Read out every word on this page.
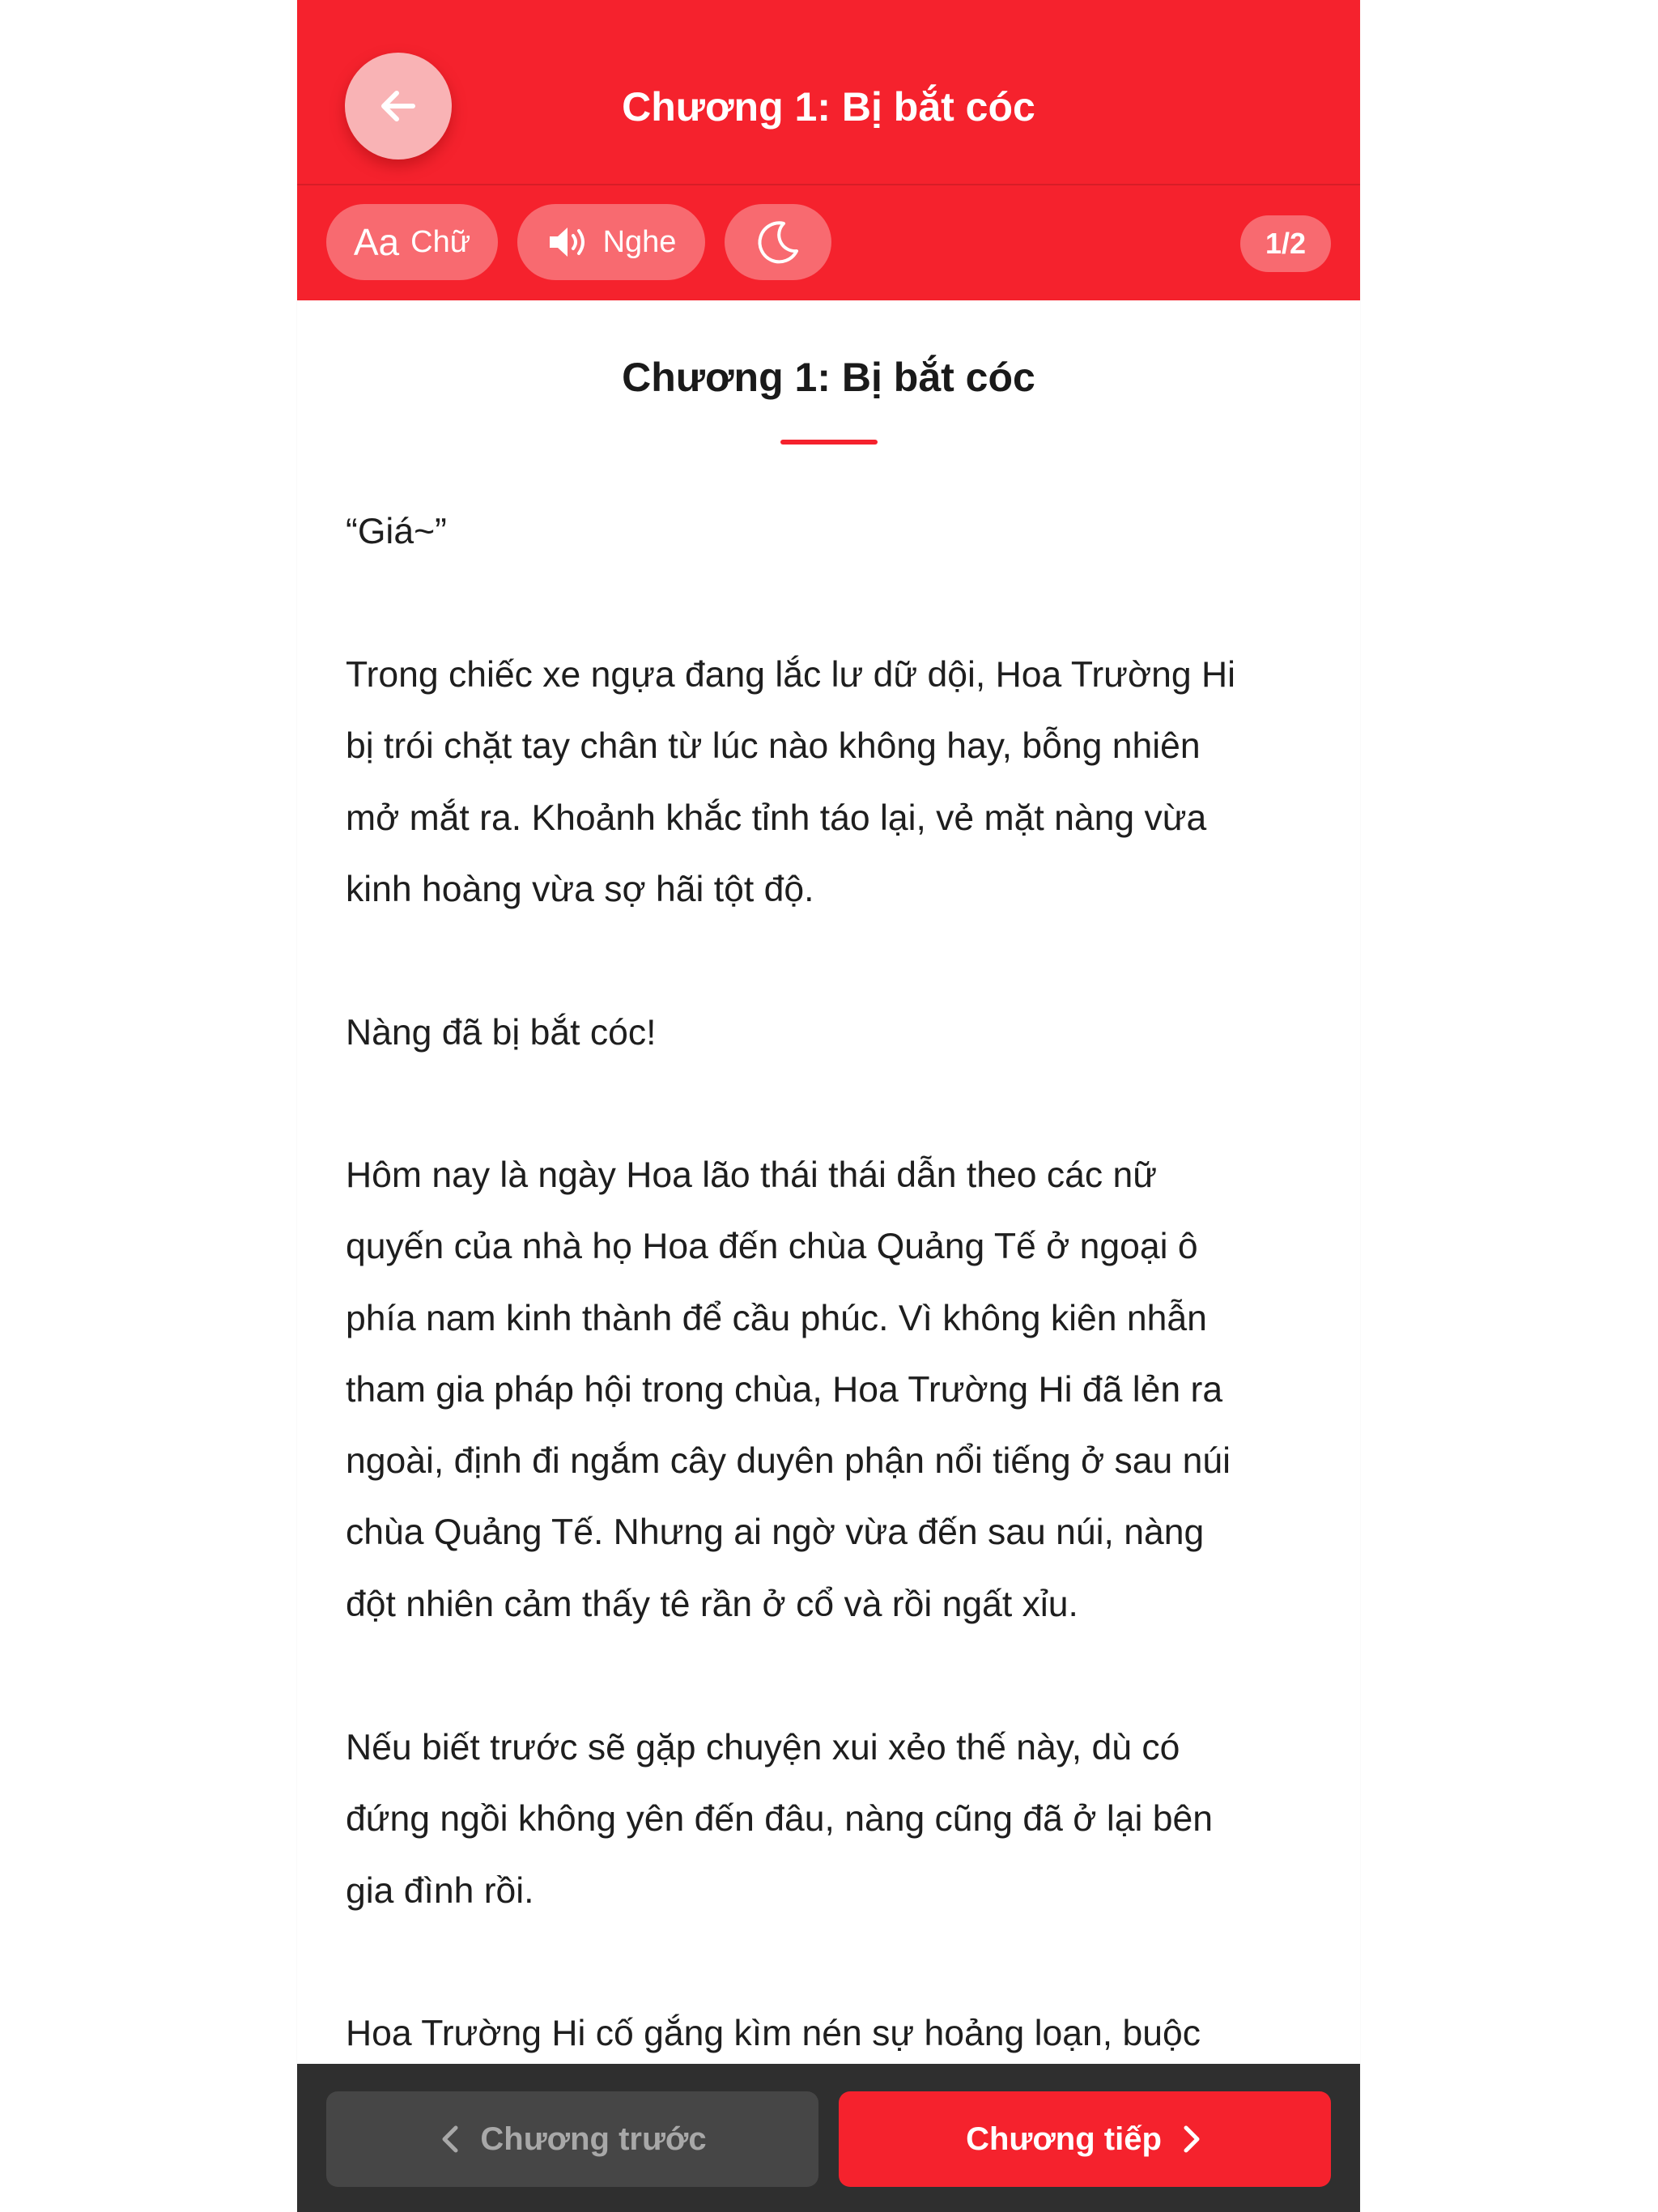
Chương 1: Bị bắt cóc
Aa Chữ	Nghe	1/2
Chương 1: Bị bắt cóc

“Giá~”

Trong chiếc xe ngựa đang lắc lư dữ dội, Hoa Trường Hi
bị trói chặt tay chân từ lúc nào không hay, bỗng nhiên
mở mắt ra. Khoảnh khắc tỉnh táo lại, vẻ mặt nàng vừa
kinh hoàng vừa sợ hãi tột độ.

Nàng đã bị bắt cóc!

Hôm nay là ngày Hoa lão thái thái dẫn theo các nữ
quyến của nhà họ Hoa đến chùa Quảng Tế ở ngoại ô
phía nam kinh thành để cầu phúc. Vì không kiên nhẫn
tham gia pháp hội trong chùa, Hoa Trường Hi đã lẻn ra
ngoài, định đi ngắm cây duyên phận nổi tiếng ở sau núi
chùa Quảng Tế. Nhưng ai ngờ vừa đến sau núi, nàng
đột nhiên cảm thấy tê rần ở cổ và rồi ngất xỉu.

Nếu biết trước sẽ gặp chuyện xui xẻo thế này, dù có
đứng ngồi không yên đến đâu, nàng cũng đã ở lại bên
gia đình rồi.

Hoa Trường Hi cố gắng kìm nén sự hoảng loạn, buộc

Chương trước	Chương tiếp
